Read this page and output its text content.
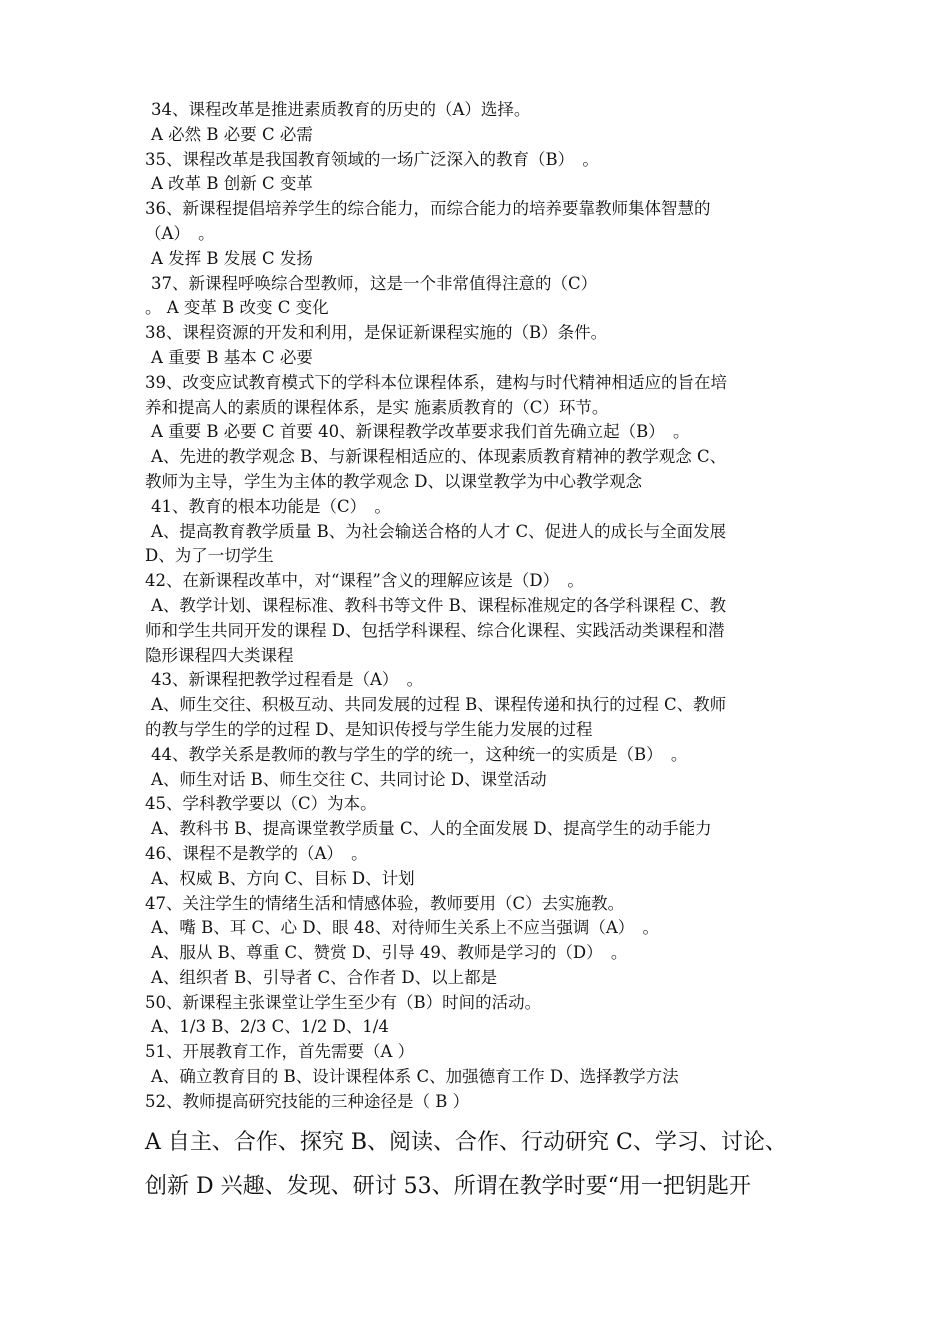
34、课程改革是推进素质教育的历史的（A）选择。
A 必然 B 必要 C 必需
35、课程改革是我国教育领域的一场广泛深入的教育（B）　。
A 改革 B 创新 C 变革
36、新课程提倡培养学生的综合能力，而综合能力的培养要靠教师集体智慧的
（A）　。
A 发挥 B 发展 C 发扬
37、新课程呼唤综合型教师，这是一个非常值得注意的（C）
。 A 变革 B 改变 C 变化
38、课程资源的开发和利用，是保证新课程实施的（B）条件。
A 重要 B 基本 C 必要
39、改变应试教育模式下的学科本位课程体系，建构与时代精神相适应的旨在培
养和提高人的素质的课程体系，是实 施素质教育的（C）环节。
A 重要 B 必要 C 首要 40、新课程教学改革要求我们首先确立起（B）　。
A、先进的教学观念 B、与新课程相适应的、体现素质教育精神的教学观念 C、
教师为主导，学生为主体的教学观念 D、以课堂教学为中心教学观念
41、教育的根本功能是（C）　。
A、提高教育教学质量 B、为社会输送合格的人才 C、促进人的成长与全面发展
D、为了一切学生
42、在新课程改革中，对“课程”含义的理解应该是（D）　。
A、教学计划、课程标准、教科书等文件 B、课程标准规定的各学科课程 C、教
师和学生共同开发的课程 D、包括学科课程、综合化课程、实践活动类课程和潜
隐形课程四大类课程
43、新课程把教学过程看是（A）　。
A、师生交往、积极互动、共同发展的过程 B、课程传递和执行的过程 C、教师
的教与学生的学的过程 D、是知识传授与学生能力发展的过程
44、教学关系是教师的教与学生的学的统一，这种统一的实质是（B）　。
A、师生对话 B、师生交往 C、共同讨论 D、课堂活动
45、学科教学要以（C）为本。
A、教科书 B、提高课堂教学质量 C、人的全面发展 D、提高学生的动手能力
46、课程不是教学的（A）　。
A、权威 B、方向 C、目标 D、计划
47、关注学生的情绪生活和情感体验，教师要用（C）去实施教。
A、嘴 B、耳 C、心 D、眼 48、对待师生关系上不应当强调（A）　。
A、服从 B、尊重 C、赞赏 D、引导 49、教师是学习的（D）　。
A、组织者 B、引导者 C、合作者 D、以上都是
50、新课程主张课堂让学生至少有（B）时间的活动。
A、1/3 B、2/3 C、1/2 D、1/4
51、开展教育工作，首先需要（A ）
A、确立教育目的 B、设计课程体系 C、加强德育工作 D、选择教学方法
52、教师提高研究技能的三种途径是（ B ）
A 自主、合作、探究 B、阅读、合作、行动研究 C、学习、讨论、
创新 D 兴趣、发现、研讨 53、所谓在教学时要“用一把钥匙开
